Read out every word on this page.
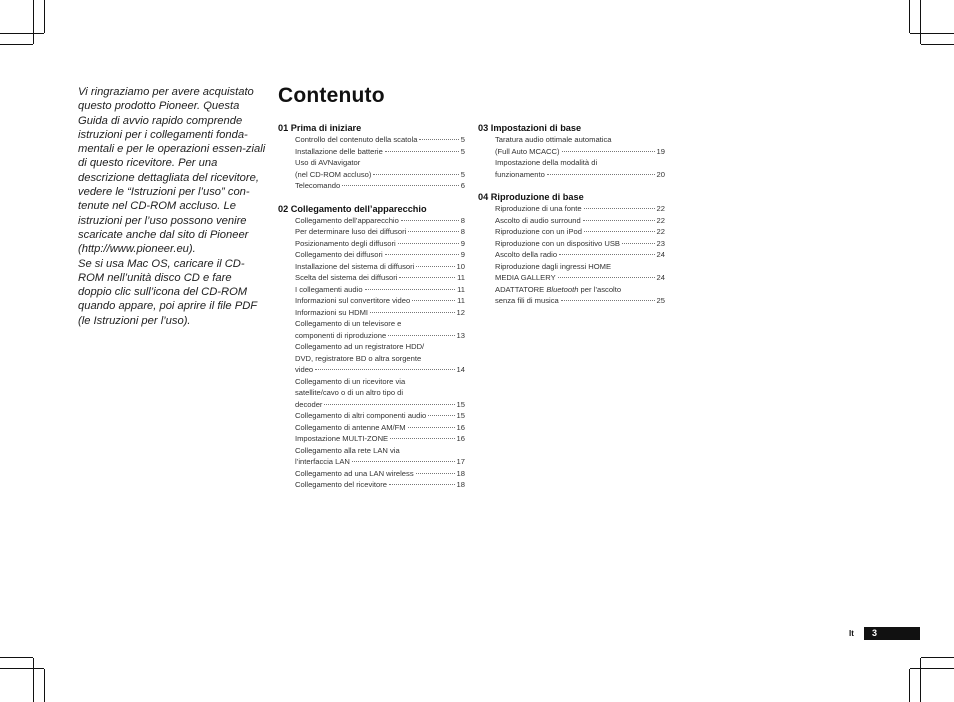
Vi ringraziamo per avere acquistato questo prodotto Pioneer. Questa Guida di avvio rapido comprende istruzioni per i collegamenti fonda-mentali e per le operazioni essen-ziali di questo ricevitore. Per una descrizione dettagliata del ricevitore, vedere le “Istruzioni per l’uso” con-tenute nel CD-ROM accluso. Le istruzioni per l’uso possono venire scaricate anche dal sito di Pioneer (http://www.pioneer.eu).

Se si usa Mac OS, caricare il CD-ROM nell’unità disco CD e fare doppio clic sull’icona del CD-ROM quando appare, poi aprire il file PDF (le Istruzioni per l’uso).

Contenuto
01 Prima di iniziare
Controllo del contenuto della scatola	5
Installazione delle batterie	5
Uso di AVNavigator
(nel CD-ROM accluso)	5
Telecomando	6
02 Collegamento dell’apparecchio
Collegamento dell’apparecchio	8
Per determinare luso dei diffusori	8
Posizionamento degli diffusori	9
Collegamento dei diffusori	9
Installazione del sistema di diffusori	10
Scelta del sistema dei diffusori	11
I collegamenti audio	11
Informazioni sul convertitore video	11
Informazioni su HDMI	12
Collegamento di un televisore e
componenti di riproduzione	13
Collegamento ad un registratore HDD/
DVD, registratore BD o altra sorgente
video	14
Collegamento di un ricevitore via
satellite/cavo o di un altro tipo di
decoder	15
Collegamento di altri componenti audio	15
Collegamento di antenne AM/FM	16
Impostazione MULTI-ZONE	16
Collegamento alla rete LAN via
l’interfaccia LAN	17
Collegamento ad una LAN wireless	18
Collegamento del ricevitore	18
03 Impostazioni di base
Taratura audio ottimale automatica
(Full Auto MCACC)	19
Impostazione della modalità di
funzionamento	20
04 Riproduzione di base
Riproduzione di una fonte	22
Ascolto di audio surround	22
Riproduzione con un iPod	22
Riproduzione con un dispositivo USB	23
Ascolto della radio	24
Riproduzione dagli ingressi HOME
MEDIA GALLERY	24
ADATTATORE Bluetooth per l’ascolto
senza fili di musica	25
It 3
